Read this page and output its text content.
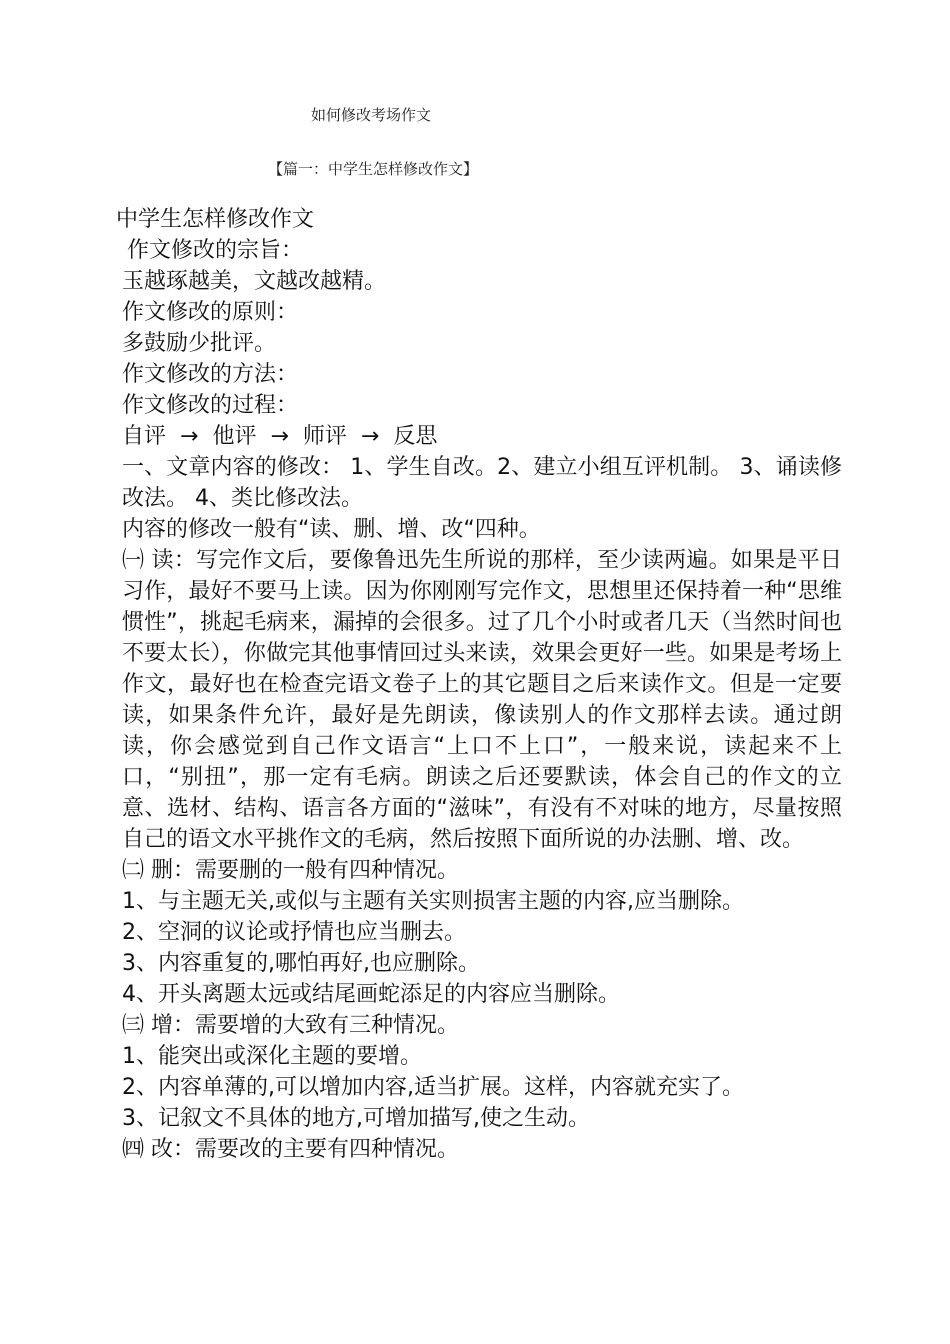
如何修改考场作文
【篇一：中学生怎样修改作文】
中学生怎样修改作文
作文修改的宗旨：
玉越琢越美，文越改越精。
作文修改的原则：
多鼓励少批评。
作文修改的方法：
作文修改的过程：
自评 → 他评 → 师评 → 反思
一、文章内容的修改： 1、学生自改。2、建立小组互评机制。 3、诵读修改法。 4、类比修改法。
内容的修改一般有“读、删、增、改“四种。
㈠ 读：写完作文后，要像鲁迅先生所说的那样，至少读两遍。如果是平日习作，最好不要马上读。因为你刚刚写完作文，思想里还保持着一种“思维惯性”，挑起毛病来，漏掉的会很多。过了几个小时或者几天（当然时间也不要太长），你做完其他事情回过头来读，效果会更好一些。如果是考场上作文，最好也在检查完语文卷子上的其它题目之后来读作文。但是一定要读，如果条件允许，最好是先朗读，像读别人的作文那样去读。通过朗读，你会感觉到自己作文语言“上口不上口”，一般来说，读起来不上口，“别扭”，那一定有毛病。朗读之后还要默读，体会自己的作文的立意、选材、结构、语言各方面的“滋味”，有没有不对味的地方，尽量按照自己的语文水平挑作文的毛病，然后按照下面所说的办法删、增、改。
㈡ 删：需要删的一般有四种情况。
1、与主题无关,或似与主题有关实则损害主题的内容,应当删除。
2、空洞的议论或抒情也应当删去。
3、内容重复的,哪怕再好,也应删除。
4、开头离题太远或结尾画蛇添足的内容应当删除。
㈢ 增：需要增的大致有三种情况。
1、能突出或深化主题的要增。
2、内容单薄的,可以增加内容,适当扩展。这样，内容就充实了。
3、记叙文不具体的地方,可增加描写,使之生动。
㈣ 改：需要改的主要有四种情况。
